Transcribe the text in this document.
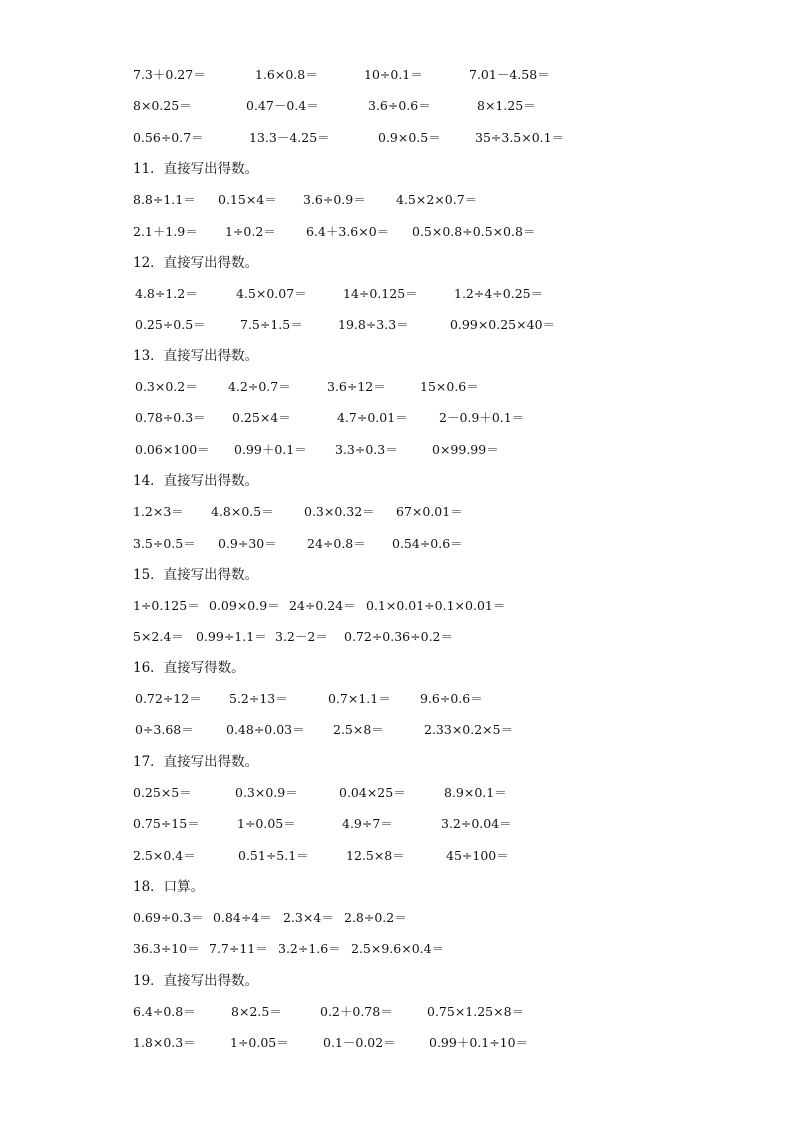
7.3＋0.27＝	1.6×0.8＝	10÷0.1＝	7.01－4.58＝
8×0.25＝	0.47－0.4＝	3.6÷0.6＝	8×1.25＝
0.56÷0.7＝	13.3－4.25＝	0.9×0.5＝	35÷3.5×0.1＝
11．直接写出得数。
8.8÷1.1＝ 0.15×4＝ 3.6÷0.9＝ 4.5×2×0.7＝
2.1＋1.9＝ 1÷0.2＝ 6.4＋3.6×0＝ 0.5×0.8÷0.5×0.8＝
12．直接写出得数。
4.8÷1.2＝	4.5×0.07＝	14÷0.125＝	1.2÷4÷0.25＝
0.25÷0.5＝	7.5÷1.5＝	19.8÷3.3＝	0.99×0.25×40＝
13．直接写出得数。
0.3×0.2＝ 4.2÷0.7＝	3.6÷12＝	15×0.6＝
0.78÷0.3＝ 0.25×4＝	4.7÷0.01＝	2－0.9＋0.1＝
0.06×100＝ 0.99＋0.1＝ 3.3÷0.3＝	0×99.99＝
14．直接写出得数。
1.2×3＝ 4.8×0.5＝ 0.3×0.32＝ 67×0.01＝
3.5÷0.5＝ 0.9÷30＝ 24÷0.8＝ 0.54÷0.6＝
15．直接写出得数。
1÷0.125＝ 0.09×0.9＝ 24÷0.24＝ 0.1×0.01÷0.1×0.01＝
5×2.4＝ 0.99÷1.1＝ 3.2－2＝ 0.72÷0.36÷0.2＝
16．直接写得数。
0.72÷12＝ 5.2÷13＝	0.7×1.1＝ 9.6÷0.6＝
0÷3.68＝	0.48÷0.03＝ 2.5×8＝	2.33×0.2×5＝
17．直接写出得数。
0.25×5＝	0.3×0.9＝	0.04×25＝	8.9×0.1＝
0.75÷15＝	1÷0.05＝	4.9÷7＝	3.2÷0.04＝
2.5×0.4＝	0.51÷5.1＝	12.5×8＝	45÷100＝
18．口算。
0.69÷0.3＝ 0.84÷4＝ 2.3×4＝ 2.8÷0.2＝
36.3÷10＝ 7.7÷11＝ 3.2÷1.6＝ 2.5×9.6×0.4＝
19．直接写出得数。
6.4÷0.8＝	8×2.5＝	0.2＋0.78＝	0.75×1.25×8＝
1.8×0.3＝	1÷0.05＝	0.1－0.02＝	0.99＋0.1÷10＝
